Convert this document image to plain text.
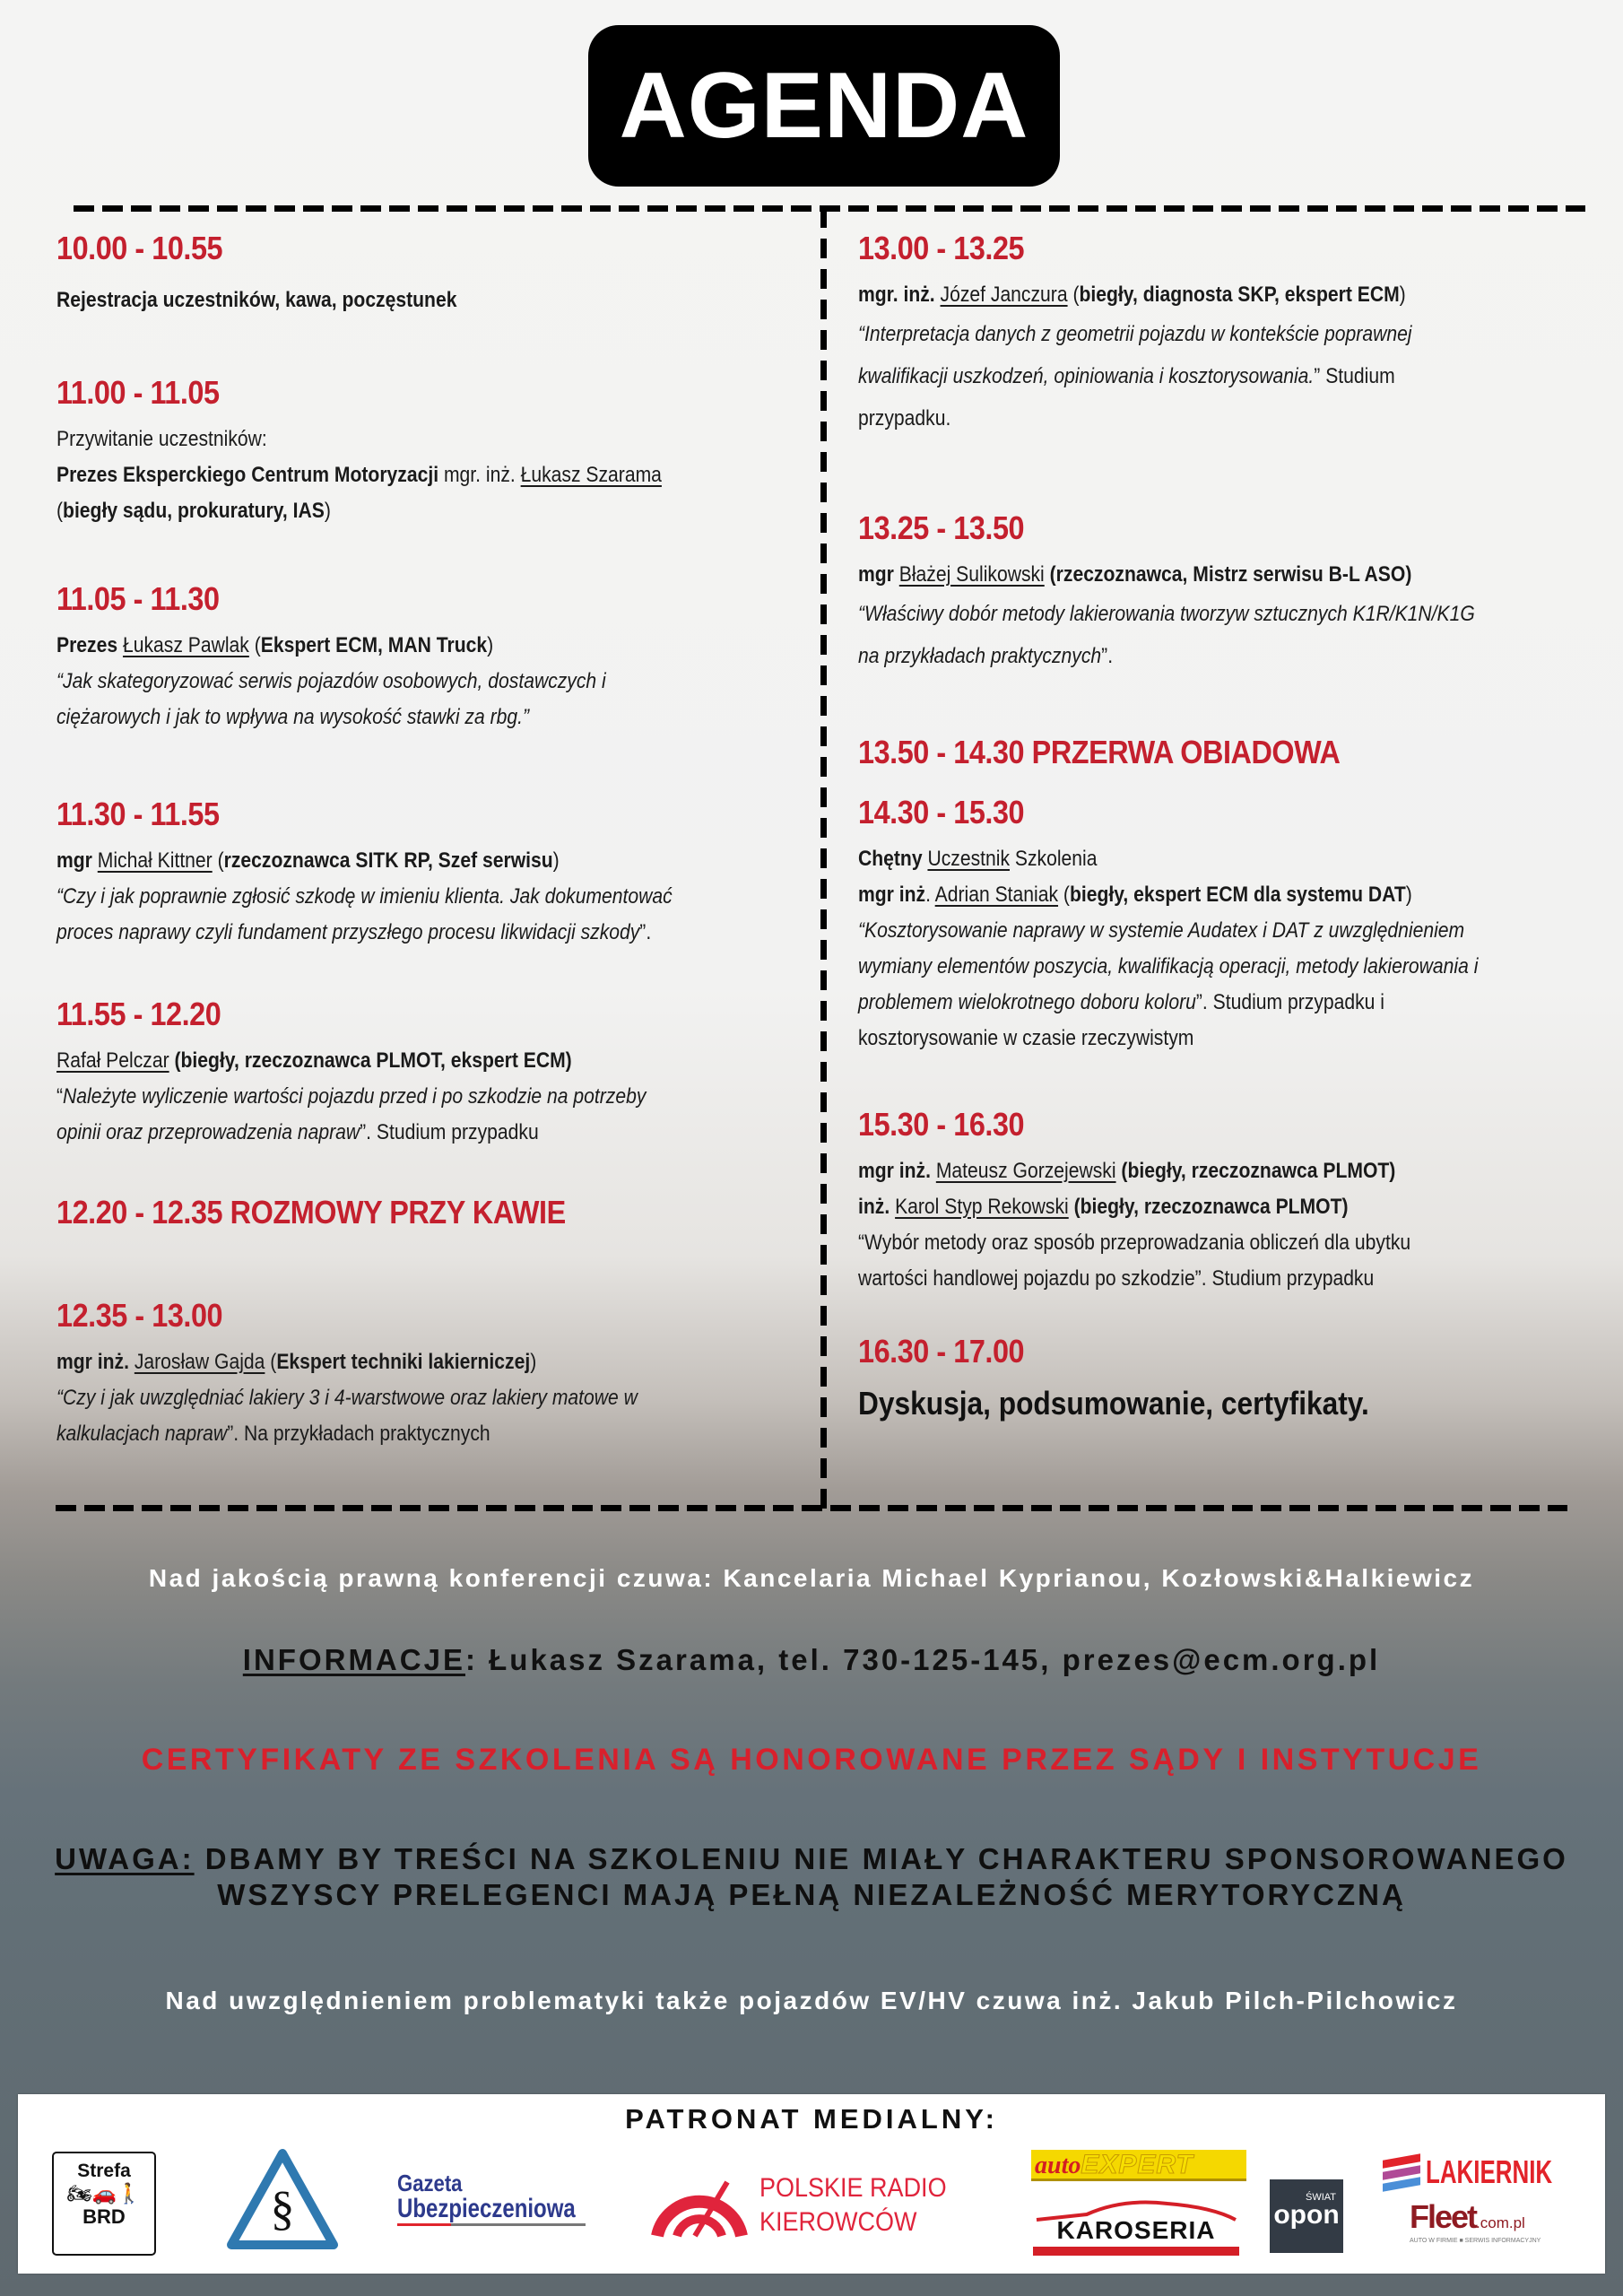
AGENDA
10.00 - 10.55
Rejestracja uczestników, kawa, poczęstunek
11.00 - 11.05
Przywitanie uczestników:
Prezes Eksperckiego Centrum Motoryzacji mgr. inż. Łukasz Szarama
(biegły sądu, prokuratury, IAS)
11.05 - 11.30
Prezes Łukasz Pawlak (Ekspert ECM, MAN Truck)
“Jak skategoryzować serwis pojazdów osobowych, dostawczych i
ciężarowych i jak to wpływa na wysokość stawki za rbg.”
11.30 - 11.55
mgr Michał Kittner (rzeczoznawca SITK RP, Szef serwisu)
“Czy i jak poprawnie zgłosić szkodę w imieniu klienta. Jak dokumentować
proces naprawy czyli fundament przyszłego procesu likwidacji szkody”.
11.55 - 12.20
Rafał Pelczar (biegły, rzeczoznawca PLMOT, ekspert ECM)
“Należyte wyliczenie wartości pojazdu przed i po szkodzie na potrzeby
opinii oraz przeprowadzenia napraw”. Studium przypadku
12.20 - 12.35 ROZMOWY PRZY KAWIE
12.35 - 13.00
mgr inż. Jarosław Gajda (Ekspert techniki lakierniczej)
“Czy i jak uwzględniać lakiery 3 i 4-warstwowe oraz lakiery matowe w
kalkulacjach napraw”. Na przykładach praktycznych
13.00 - 13.25
mgr. inż. Józef Janczura (biegły, diagnosta SKP, ekspert ECM)
“Interpretacja danych z geometrii pojazdu w kontekście poprawnej
kwalifikacji uszkodzeń, opiniowania i kosztorysowania.” Studium
przypadku.
13.25 - 13.50
mgr Błażej Sulikowski (rzeczoznawca, Mistrz serwisu B-L ASO)
“Właściwy dobór metody lakierowania tworzyw sztucznych K1R/K1N/K1G
na przykładach praktycznych”.
13.50 - 14.30 PRZERWA OBIADOWA
14.30 - 15.30
Chętny Uczestnik Szkolenia
mgr inż. Adrian Staniak (biegły, ekspert ECM dla systemu DAT)
“Kosztorysowanie naprawy w systemie Audatex i DAT z uwzględnieniem
wymiany elementów poszycia, kwalifikacją operacji, metody lakierowania i
problemem wielokrotnego doboru koloru”. Studium przypadku i
kosztorysowanie w czasie rzeczywistym
15.30 - 16.30
mgr inż. Mateusz Gorzejewski (biegły, rzeczoznawca PLMOT)
inż. Karol Styp Rekowski (biegły, rzeczoznawca PLMOT)
“Wybór metody oraz sposób przeprowadzania obliczeń dla ubytku
wartości handlowej pojazdu po szkodzie”. Studium przypadku
16.30 - 17.00
Dyskusja, podsumowanie, certyfikaty.
Nad jakością prawną konferencji czuwa: Kancelaria Michael Kyprianou, Kozłowski&Halkiewicz
INFORMACJE: Łukasz Szarama, tel. 730-125-145, prezes@ecm.org.pl
CERTYFIKATY ZE SZKOLENIA SĄ HONOROWANE PRZEZ SĄDY I INSTYTUCJE
UWAGA: DBAMY BY TREŚCI NA SZKOLENIU NIE MIAŁY CHARAKTERU SPONSOROWANEGO
WSZYSCY PRELEGENCI MAJĄ PEŁNĄ NIEZALEŻNOŚĆ MERYTORYCZNĄ
Nad uwzględnieniem problematyki także pojazdów EV/HV czuwa inż. Jakub Pilch-Pilchowicz
PATRONAT MEDIALNY:
Strefa
🏍🚗🚶
BRD	§	Gazeta
Ubezpieczeniowa
POLSKIE RADIO
KIEROWCÓW
autoEXPERT
KAROSERIA
ŚWIAT
opon
LAKIERNIK
Fleet.com.pl
AUTO W FIRMIE ■ SERWIS INFORMACYJNY
